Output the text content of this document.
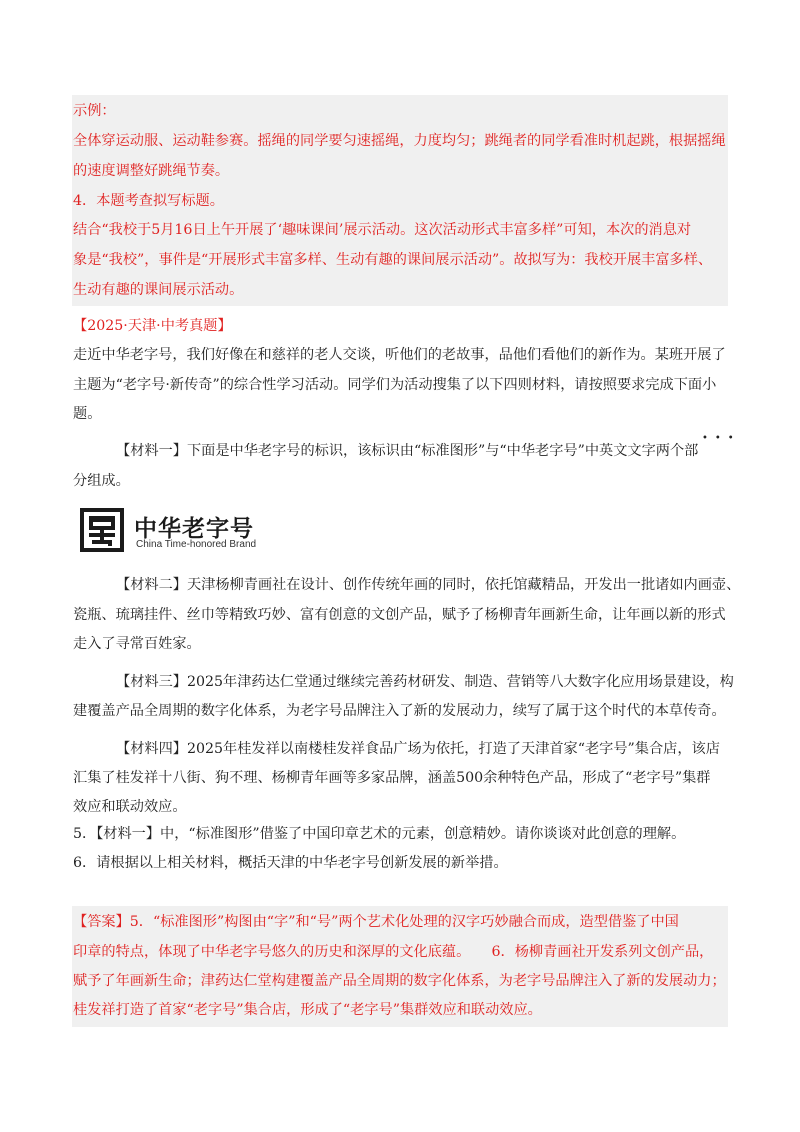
示例：
全体穿运动服、运动鞋参赛。摇绳的同学要匀速摇绳，力度均匀；跳绳者的同学看准时机起跳，根据摇绳
的速度调整好跳绳节奏。
4．本题考查拟写标题。
结合“我校于5月16日上午开展了‘趣味课间’展示活动。这次活动形式丰富多样”可知，本次的消息对
象是“我校”，事件是“开展形式丰富多样、生动有趣的课间展示活动”。故拟写为：我校开展丰富多样、
生动有趣的课间展示活动。
【2025·天津·中考真题】
走近中华老字号，我们好像在和慈祥的老人交谈，听他们的老故事，品他们看他们的新作为。某班开展了
主题为“老字号·新传奇”的综合性学习活动。同学们为活动搜集了以下四则材料，请按照要求完成下面小
题。
•••
【材料一】下面是中华老字号的标识，该标识由“标准图形”与“中华老字号”中英文文字两个部
分组成。
中华老字号
China Time-honored Brand
【材料二】天津杨柳青画社在设计、创作传统年画的同时，依托馆藏精品，开发出一批诸如内画壶、
瓷瓶、琉璃挂件、丝巾等精致巧妙、富有创意的文创产品，赋予了杨柳青年画新生命，让年画以新的形式
走入了寻常百姓家。
【材料三】2025年津药达仁堂通过继续完善药材研发、制造、营销等八大数字化应用场景建设，构
建覆盖产品全周期的数字化体系，为老字号品牌注入了新的发展动力，续写了属于这个时代的本草传奇。
【材料四】2025年桂发祥以南楼桂发祥食品广场为依托，打造了天津首家“老字号”集合店，该店
汇集了桂发祥十八街、狗不理、杨柳青年画等多家品牌，涵盖500余种特色产品，形成了“老字号”集群
效应和联动效应。
5．【材料一】中，“标准图形”借鉴了中国印章艺术的元素，创意精妙。请你谈谈对此创意的理解。
6．请根据以上相关材料，概括天津的中华老字号创新发展的新举措。
【答案】5．“标准图形”构图由“字”和“号”两个艺术化处理的汉字巧妙融合而成，造型借鉴了中国
印章的特点，体现了中华老字号悠久的历史和深厚的文化底蕴。　　6．杨柳青画社开发系列文创产品，
赋予了年画新生命；津药达仁堂构建覆盖产品全周期的数字化体系，为老字号品牌注入了新的发展动力；
桂发祥打造了首家“老字号”集合店，形成了“老字号”集群效应和联动效应。
